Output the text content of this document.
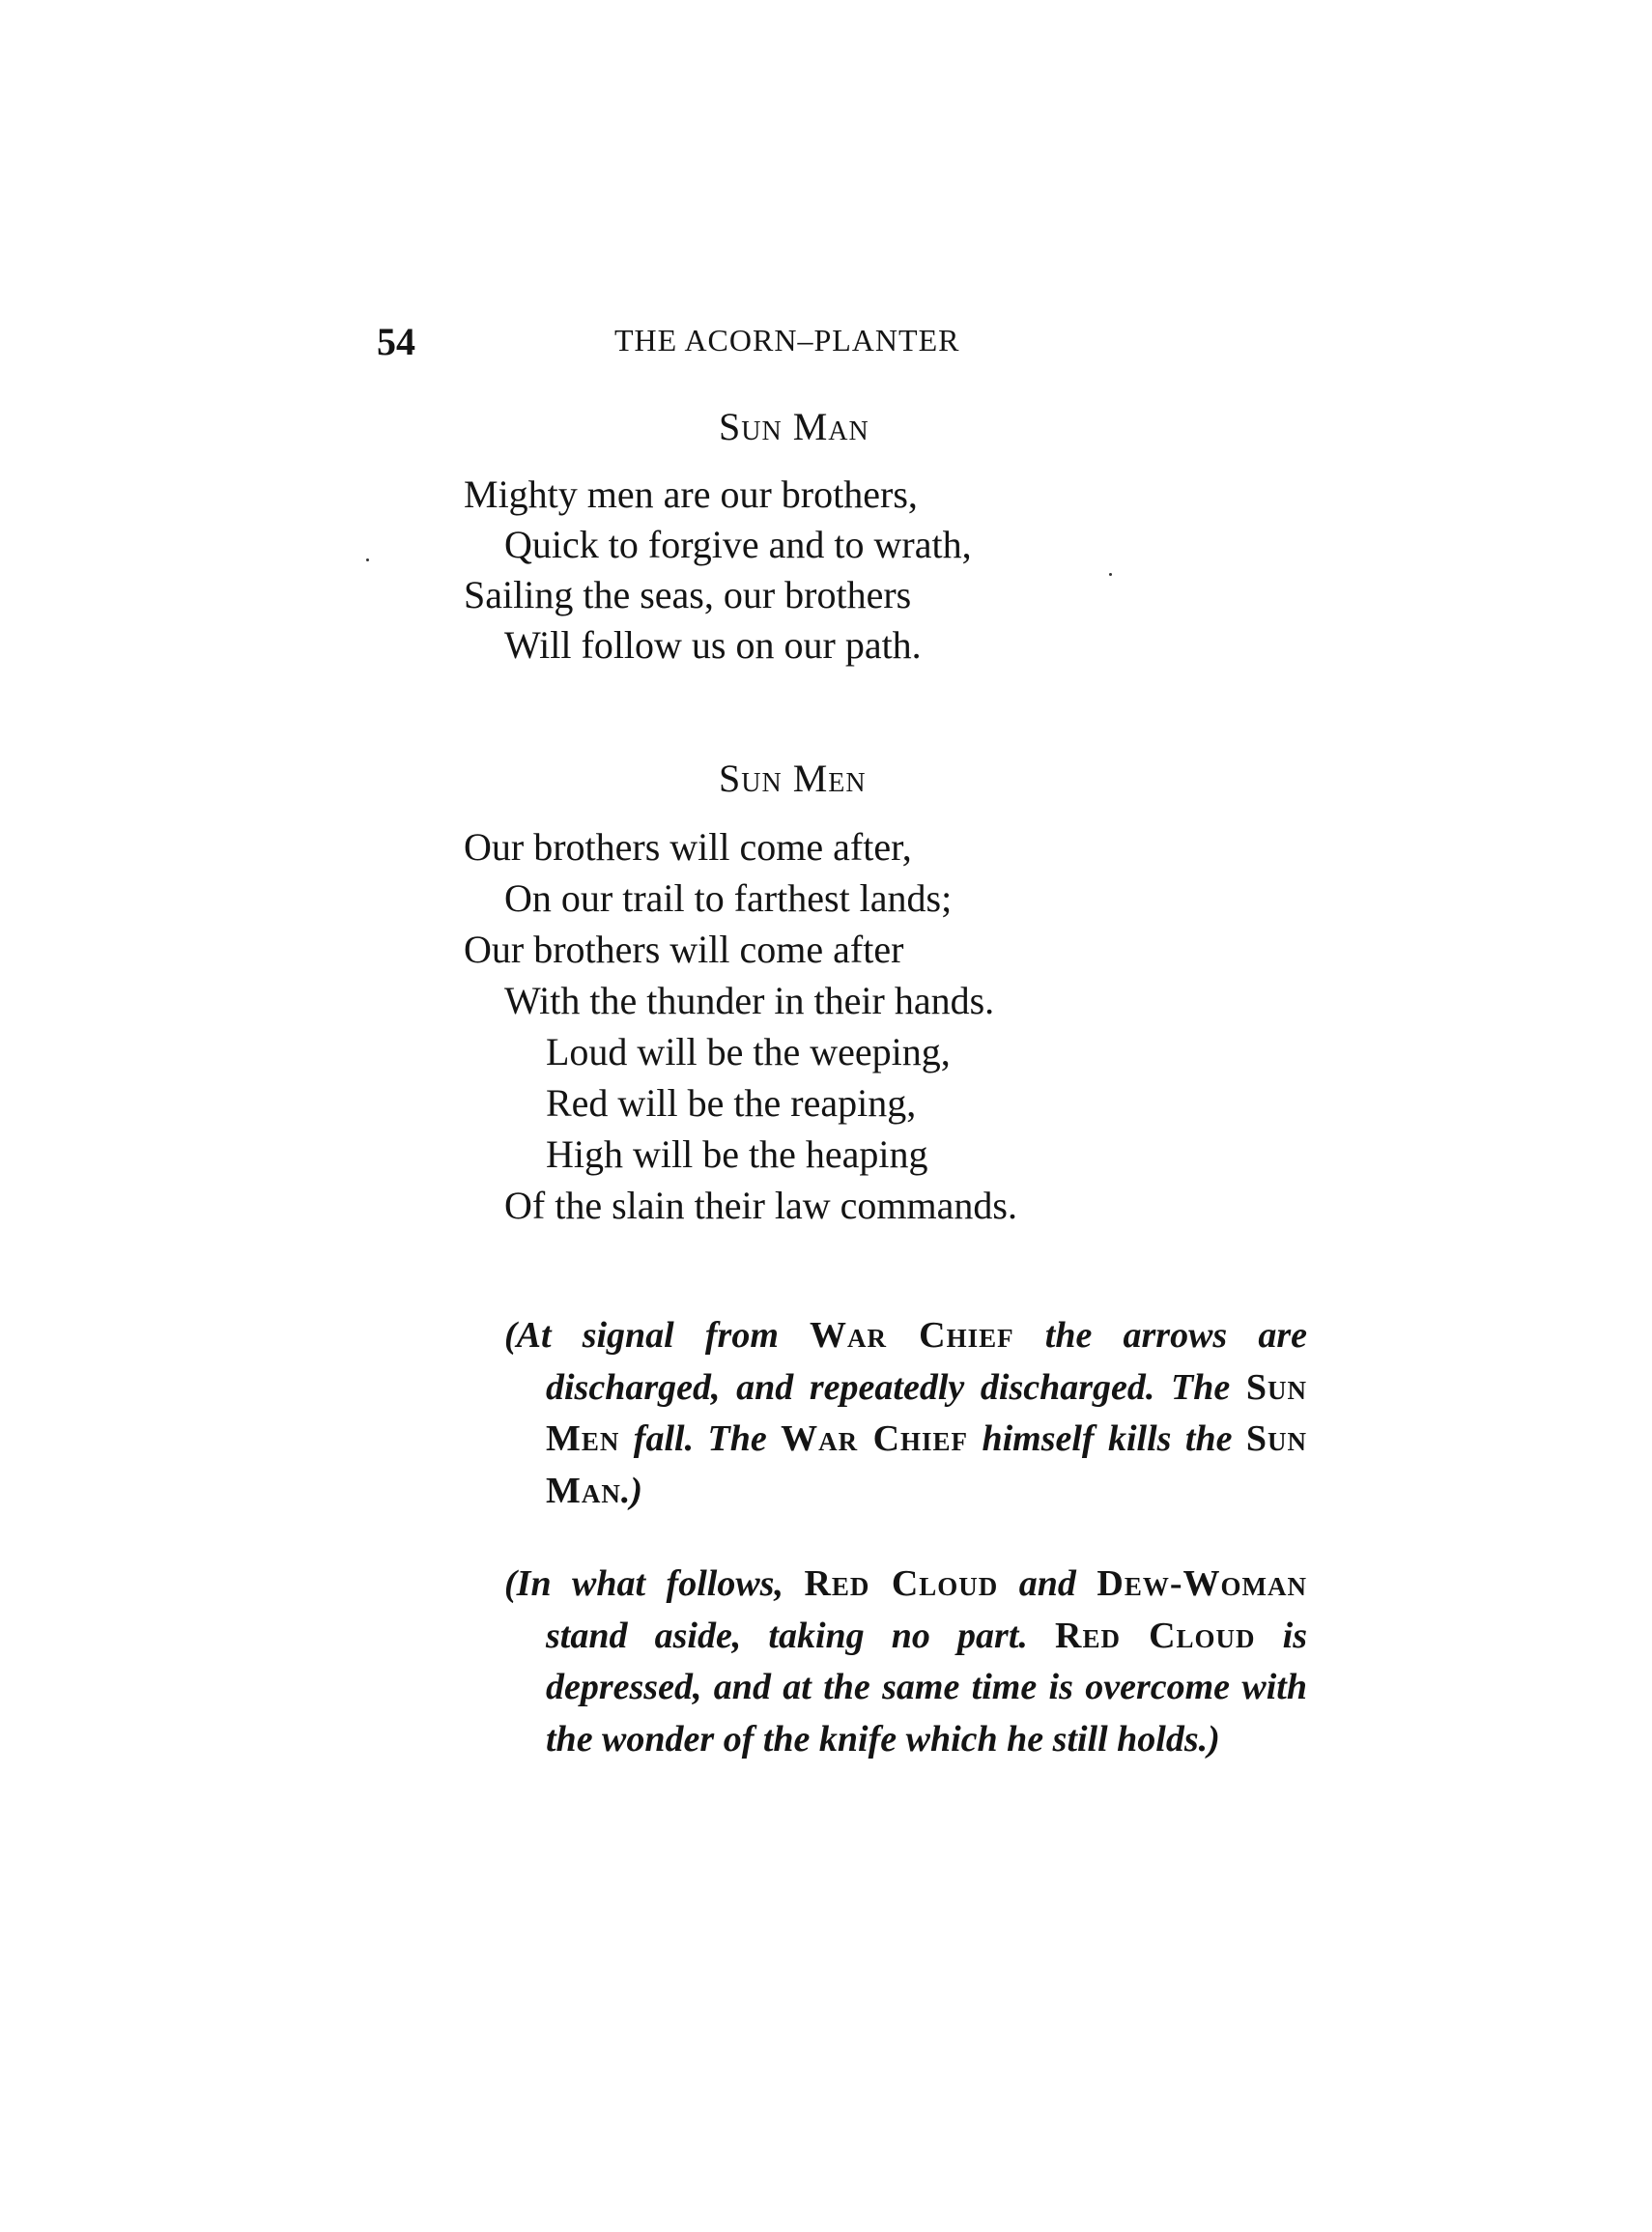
54	THE ACORN–PLANTER
Sun Man
Mighty men are our brothers,
Quick to forgive and to wrath,
Sailing the seas, our brothers
Will follow us on our path.
Sun Men
Our brothers will come after,
On our trail to farthest lands;
Our brothers will come after
With the thunder in their hands.
Loud will be the weeping,
Red will be the reaping,
High will be the heaping
Of the slain their law commands.

(At signal from War Chief the arrows are discharged, and repeatedly discharged. The Sun Men fall. The War Chief himself kills the Sun Man.)

(In what follows, Red Cloud and Dew-Woman stand aside, taking no part. Red Cloud is depressed, and at the same time is overcome with the wonder of the knife which he still holds.)
